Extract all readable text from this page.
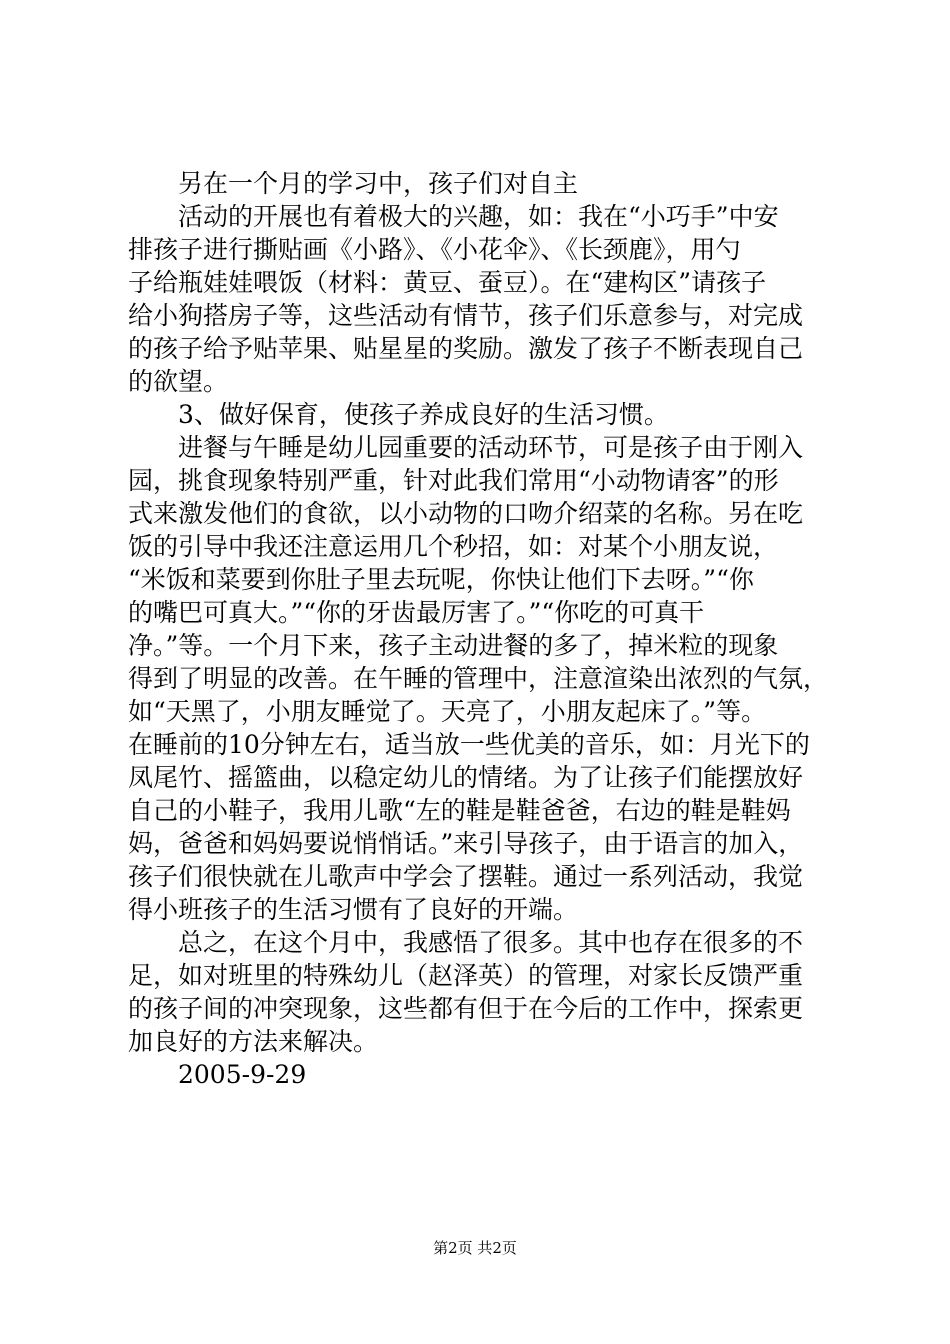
　　另在一个月的学习中，孩子们对自主
　　活动的开展也有着极大的兴趣，如：我在“小巧手”中安
排孩子进行撕贴画《小路》、《小花伞》、《长颈鹿》，用勺
子给瓶娃娃喂饭（材料：黄豆、蚕豆）。在“建构区”请孩子
给小狗搭房子等，这些活动有情节，孩子们乐意参与，对完成
的孩子给予贴苹果、贴星星的奖励。激发了孩子不断表现自己
的欲望。
　　3、做好保育，使孩子养成良好的生活习惯。
　　进餐与午睡是幼儿园重要的活动环节，可是孩子由于刚入
园，挑食现象特别严重，针对此我们常用“小动物请客”的形
式来激发他们的食欲，以小动物的口吻介绍菜的名称。另在吃
饭的引导中我还注意运用几个秒招，如：对某个小朋友说，
“米饭和菜要到你肚子里去玩呢，你快让他们下去呀。”“你
的嘴巴可真大。”“你的牙齿最厉害了。”“你吃的可真干
净。”等。一个月下来，孩子主动进餐的多了，掉米粒的现象
得到了明显的改善。在午睡的管理中，注意渲染出浓烈的气氛，
如“天黑了，小朋友睡觉了。天亮了，小朋友起床了。”等。
在睡前的10分钟左右，适当放一些优美的音乐，如：月光下的
凤尾竹、摇篮曲，以稳定幼儿的情绪。为了让孩子们能摆放好
自己的小鞋子，我用儿歌“左的鞋是鞋爸爸，右边的鞋是鞋妈
妈，爸爸和妈妈要说悄悄话。”来引导孩子，由于语言的加入，
孩子们很快就在儿歌声中学会了摆鞋。通过一系列活动，我觉
得小班孩子的生活习惯有了良好的开端。
　　总之，在这个月中，我感悟了很多。其中也存在很多的不
足，如对班里的特殊幼儿（赵泽英）的管理，对家长反馈严重
的孩子间的冲突现象，这些都有但于在今后的工作中，探索更
加良好的方法来解决。
　　2005-9-29
第2页 共2页
